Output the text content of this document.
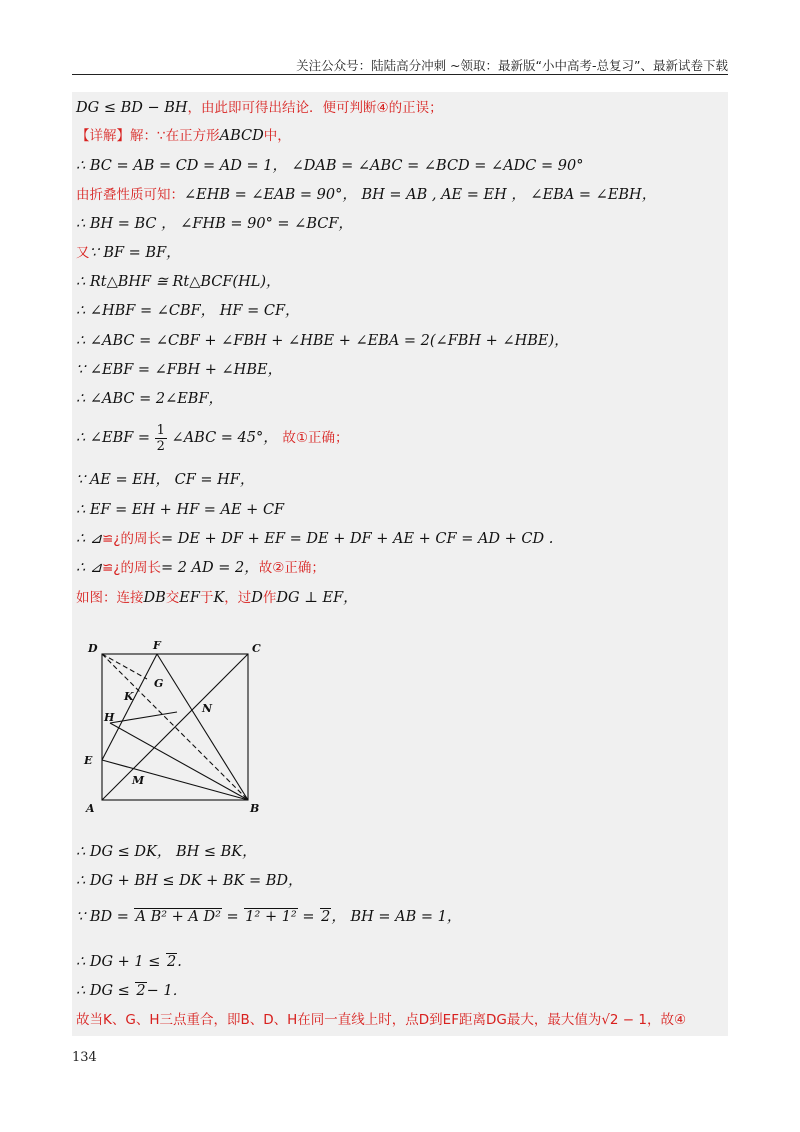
关注公众号：陆陆高分冲刺 ~领取：最新版“小中高考-总复习”、最新试卷下载
DG ≤ BD − BH，由此即可得出结论．便可判断④的正误；
【详解】解：∵在正方形ABCD中，
∴ BC = AB = CD = AD = 1， ∠DAB = ∠ABC = ∠BCD = ∠ADC = 90°
由折叠性质可知：∠EHB = ∠EAB = 90°， BH = AB , AE = EH ， ∠EBA = ∠EBH，
∴ BH = BC ， ∠FHB = 90° = ∠BCF，
又∵ BF = BF，
∴ Rt△BHF ≅ Rt△BCF(HL)，
∴ ∠HBF = ∠CBF， HF = CF，
∴ ∠ABC = ∠CBF + ∠FBH + ∠HBE + ∠EBA = 2(∠FBH + ∠HBE)，
∵ ∠EBF = ∠FBH + ∠HBE，
∴ ∠ABC = 2∠EBF，
∴ ∠EBF = $\frac{1}{2}$ ∠ABC = 45°， 故①正确；
∵ AE = EH， CF = HF，
∴ EF = EH + HF = AE + CF
∴ ⊿≌¿的周长= DE + DF + EF = DE + DF + AE + CF = AD + CD .
∴ ⊿≌¿的周长= 2 AD = 2，故②正确；
如图：连接DB交EF于K，过D作DG ⊥ EF，
D	F	C
G
K
H
N
E
M
A	B
∴ DG ≤ DK， BH ≤ BK，
∴ DG + BH ≤ DK + BK = BD，
∵ BD = A B² + A D² = 1² + 1² = 2， BH = AB = 1，
∴ DG + 1 ≤ 2.
∴ DG ≤ 2− 1．
故当K、G、H三点重合，即B、D、H在同一直线上时，点D到EF距离DG最大，最大值为√2 − 1，故④
134
